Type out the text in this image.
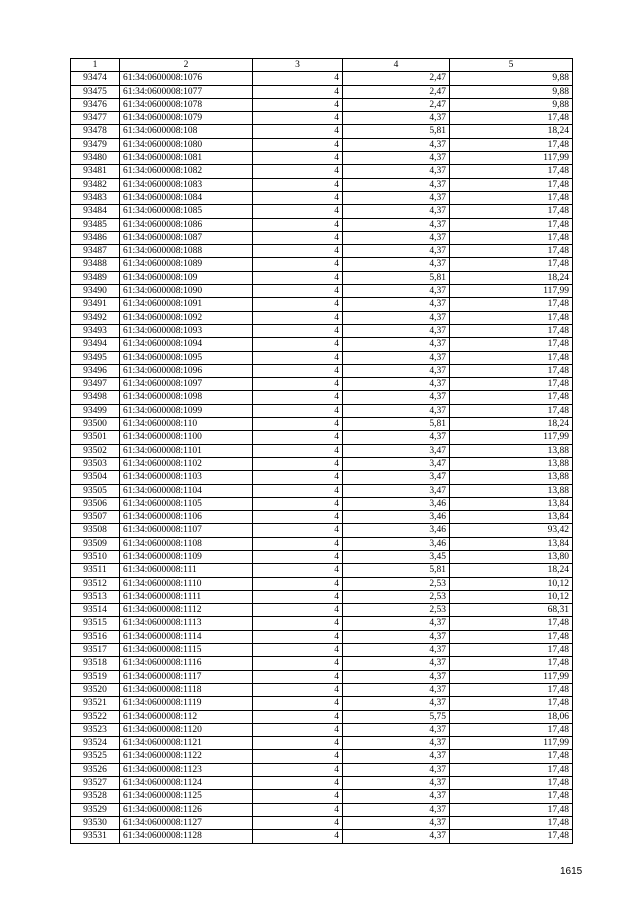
1	2	3	4	5
93474	61:34:0600008:1076	4	2,47	9,88
93475	61:34:0600008:1077	4	2,47	9,88
93476	61:34:0600008:1078	4	2,47	9,88
93477	61:34:0600008:1079	4	4,37	17,48
93478	61:34:0600008:108	4	5,81	18,24
93479	61:34:0600008:1080	4	4,37	17,48
93480	61:34:0600008:1081	4	4,37	117,99
93481	61:34:0600008:1082	4	4,37	17,48
93482	61:34:0600008:1083	4	4,37	17,48
93483	61:34:0600008:1084	4	4,37	17,48
93484	61:34:0600008:1085	4	4,37	17,48
93485	61:34:0600008:1086	4	4,37	17,48
93486	61:34:0600008:1087	4	4,37	17,48
93487	61:34:0600008:1088	4	4,37	17,48
93488	61:34:0600008:1089	4	4,37	17,48
93489	61:34:0600008:109	4	5,81	18,24
93490	61:34:0600008:1090	4	4,37	117,99
93491	61:34:0600008:1091	4	4,37	17,48
93492	61:34:0600008:1092	4	4,37	17,48
93493	61:34:0600008:1093	4	4,37	17,48
93494	61:34:0600008:1094	4	4,37	17,48
93495	61:34:0600008:1095	4	4,37	17,48
93496	61:34:0600008:1096	4	4,37	17,48
93497	61:34:0600008:1097	4	4,37	17,48
93498	61:34:0600008:1098	4	4,37	17,48
93499	61:34:0600008:1099	4	4,37	17,48
93500	61:34:0600008:110	4	5,81	18,24
93501	61:34:0600008:1100	4	4,37	117,99
93502	61:34:0600008:1101	4	3,47	13,88
93503	61:34:0600008:1102	4	3,47	13,88
93504	61:34:0600008:1103	4	3,47	13,88
93505	61:34:0600008:1104	4	3,47	13,88
93506	61:34:0600008:1105	4	3,46	13,84
93507	61:34:0600008:1106	4	3,46	13,84
93508	61:34:0600008:1107	4	3,46	93,42
93509	61:34:0600008:1108	4	3,46	13,84
93510	61:34:0600008:1109	4	3,45	13,80
93511	61:34:0600008:111	4	5,81	18,24
93512	61:34:0600008:1110	4	2,53	10,12
93513	61:34:0600008:1111	4	2,53	10,12
93514	61:34:0600008:1112	4	2,53	68,31
93515	61:34:0600008:1113	4	4,37	17,48
93516	61:34:0600008:1114	4	4,37	17,48
93517	61:34:0600008:1115	4	4,37	17,48
93518	61:34:0600008:1116	4	4,37	17,48
93519	61:34:0600008:1117	4	4,37	117,99
93520	61:34:0600008:1118	4	4,37	17,48
93521	61:34:0600008:1119	4	4,37	17,48
93522	61:34:0600008:112	4	5,75	18,06
93523	61:34:0600008:1120	4	4,37	17,48
93524	61:34:0600008:1121	4	4,37	117,99
93525	61:34:0600008:1122	4	4,37	17,48
93526	61:34:0600008:1123	4	4,37	17,48
93527	61:34:0600008:1124	4	4,37	17,48
93528	61:34:0600008:1125	4	4,37	17,48
93529	61:34:0600008:1126	4	4,37	17,48
93530	61:34:0600008:1127	4	4,37	17,48
93531	61:34:0600008:1128	4	4,37	17,48
1615
